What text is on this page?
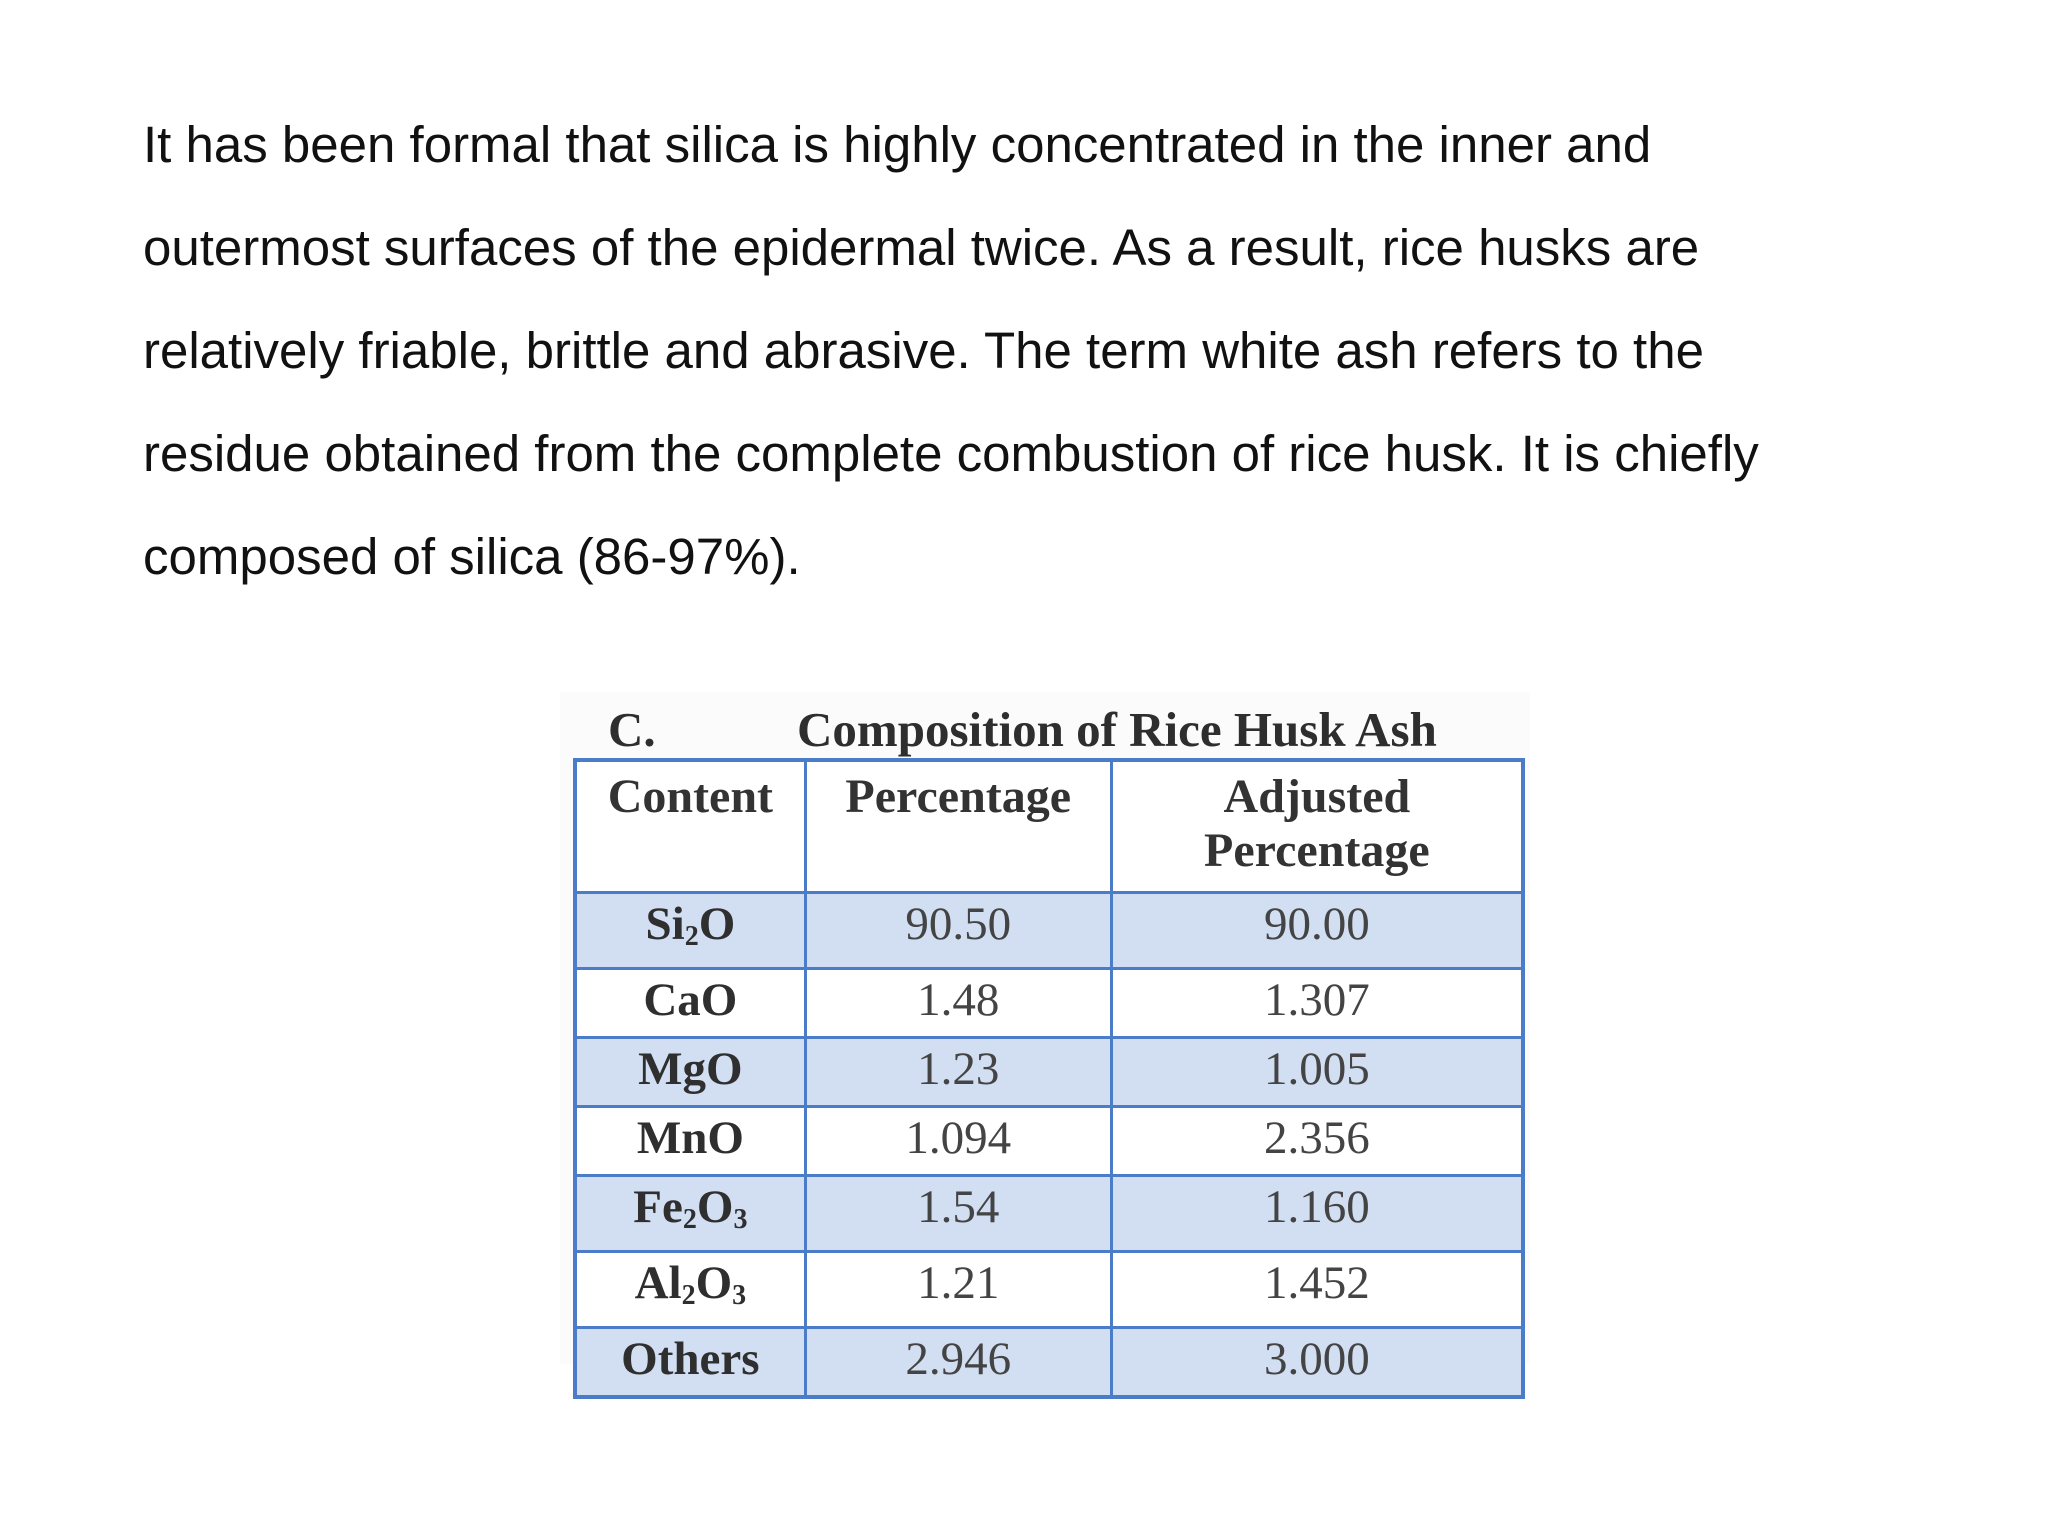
It has been formal that silica is highly concentrated in the inner and
outermost surfaces of the epidermal twice. As a result, rice husks are
relatively friable, brittle and abrasive. The term white ash refers to the
residue obtained from the complete combustion of rice husk. It is chiefly
composed of silica (86-97%).
C.	Composition of Rice Husk Ash
Content	Percentage	Adjusted
Percentage
$Si_2O$	90.50	90.00
CaO	1.48	1.307
MgO	1.23	1.005
MnO	1.094	2.356
$Fe_2O_3$	1.54	1.160
$Al_2O_3$	1.21	1.452
Others	2.946	3.000
